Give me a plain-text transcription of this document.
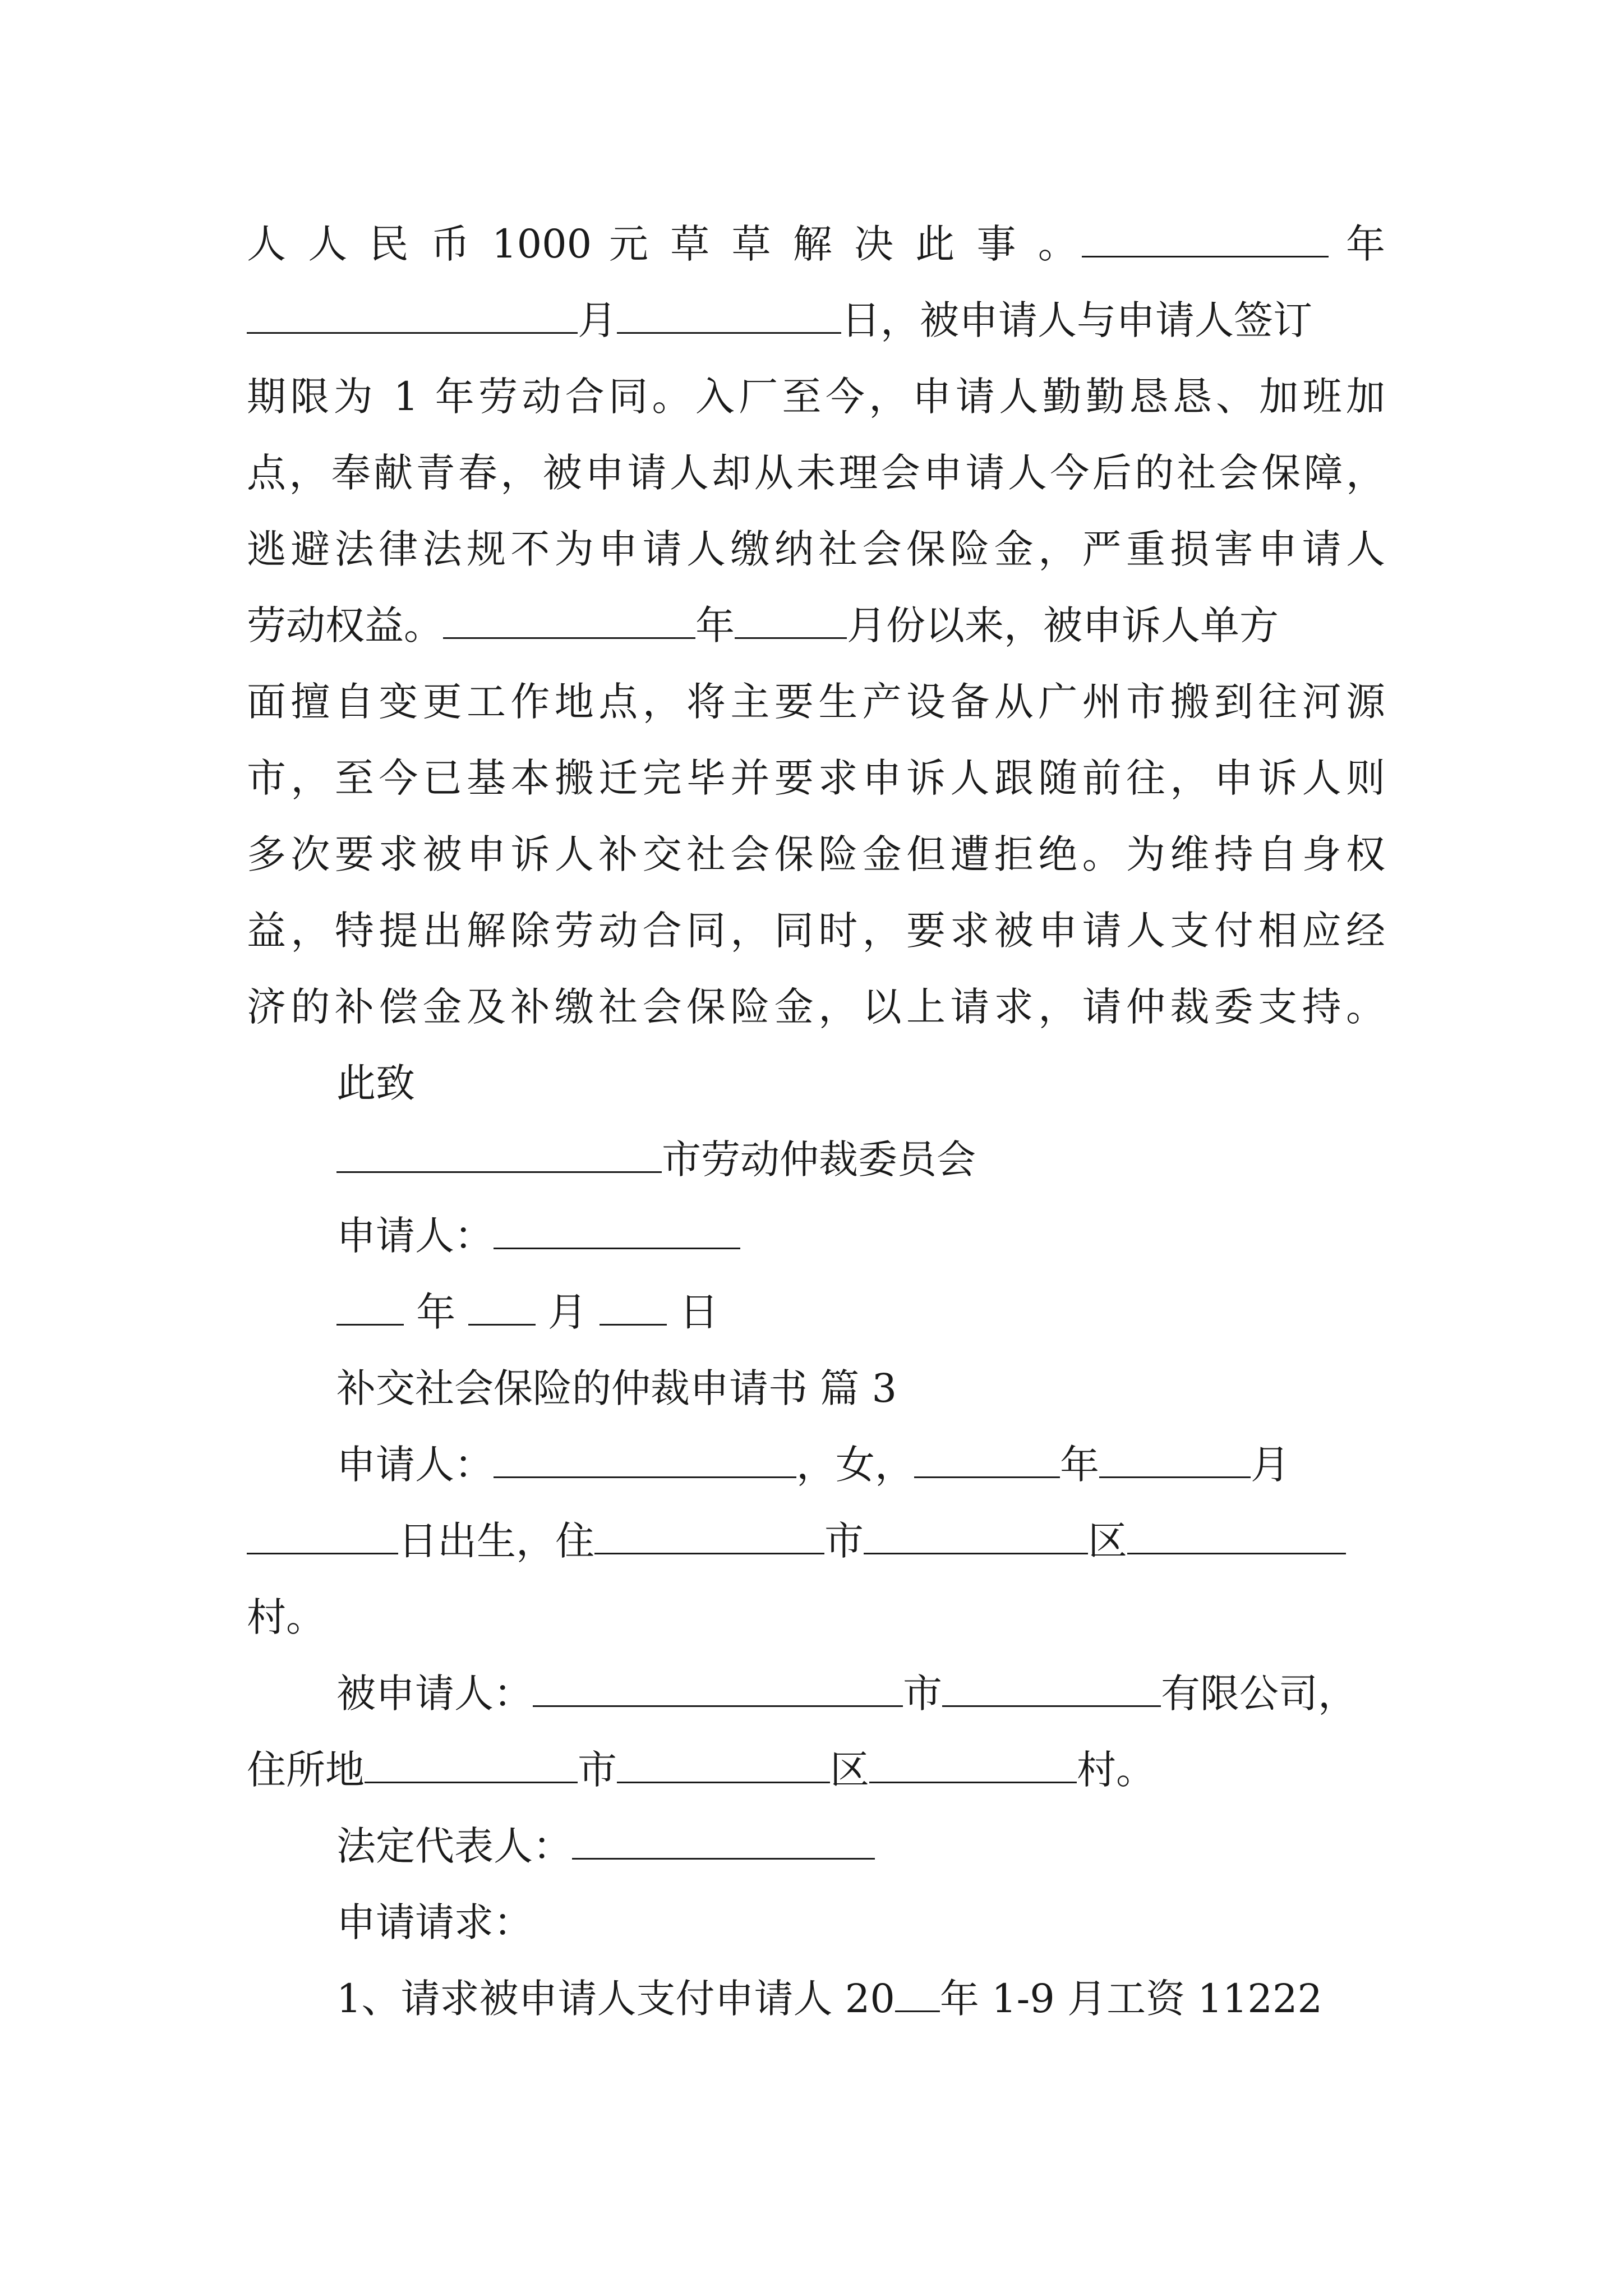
人 人 民 币 1000 元 草 草 解 决 此 事 。	年
月	日，被申请人与申请人签订
期限为 1 年劳动合同。入厂至今，申请人勤勤恳恳、加班加
点，奉献青春，被申请人却从未理会申请人今后的社会保障，
逃避法律法规不为申请人缴纳社会保险金，严重损害申请人
劳动权益。	年	月份以来，被申诉人单方
面擅自变更工作地点，将主要生产设备从广州市搬到往河源
市，至今已基本搬迁完毕并要求申诉人跟随前往，申诉人则
多次要求被申诉人补交社会保险金但遭拒绝。为维持自身权
益，特提出解除劳动合同，同时，要求被申请人支付相应经
济的补偿金及补缴社会保险金，以上请求，请仲裁委支持。
此致
市劳动仲裁委员会
申请人：
年  月  日
补交社会保险的仲裁申请书 篇 3
申请人：	，女，	年	月
日出生，住	市	区
村。
被申请人：	市	有限公司，
住所地	市	区	村。
法定代表人：
申请请求：
1、请求被申请人支付申请人 20 年 1-9 月工资 11222
